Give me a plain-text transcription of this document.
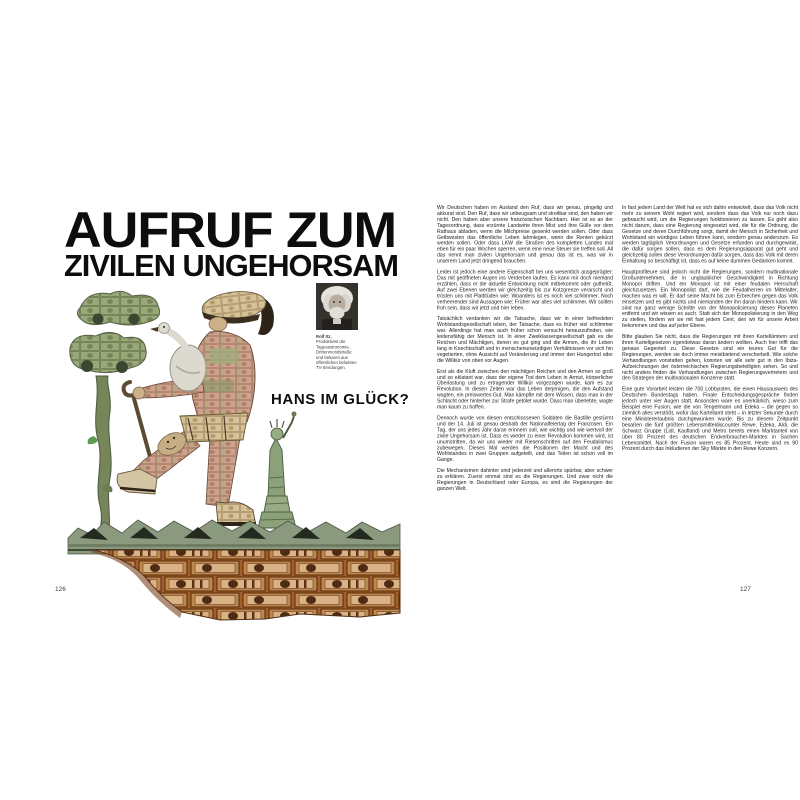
AUFRUF ZUM
ZIVILEN UNGEHORSAM
Rolf Itz,
Produktivist der
Tagesastronomie,
Drittenmondstraße
und bekannt aus
öffentlichen beliebten
TV-Sendungen.
HANS IM GLÜCK?
126

Wir Deutschen haben im Ausland den Ruf, dass wir genau, pingelig und akkurat sind. Den Ruf, dass wir unbeugsam und streitbar sind, den haben wir nicht. Den haben aber unsere französischen Nachbarn. Hier ist es an der Tagesordnung, dass erzürnte Landwirte ihren Mist und ihre Gülle vor dem Rathaus abladen, wenn die Milchpreise gesenkt werden sollen. Oder dass Gelbwesten das öffentliche Leben lahmlegen, wenn die Renten gekürzt werden sollen. Oder dass LKW die Straßen des kompletten Landes mal eben für ein paar Wochen sperren, wenn eine neue Steuer sie treffen soll. All das nennt man zivilen Ungehorsam und genau das ist es, was wir in unserem Land jetzt dringend brauchen.

Leider ist jedoch eine andere Eigenschaft bei uns wesentlich ausgeprägter: Das mit geöffneten Augen ins Verderben laufen. Es kann mir doch niemand erzählen, dass er die aktuelle Entwicklung nicht mitbekommt oder gutheißt. Auf zwei Ebenen werden wir gleichzeitig bis zur Kotzgrenze verarscht und trösten uns mit Plattitüden wie: Woanders ist es noch viel schlimmer. Noch verheerender sind Aussagen wie: Früher war alles viel schlimmer. Wir sollten froh sein, dass wir jetzt und hier leben.

Tatsächlich verdanken wir die Tatsache, dass wir in einer befriedeten Wohlstandsgesellschaft leben, der Tatsache, dass es früher viel schlimmer war. Allerdings hat man auch früher schon versucht herauszufinden, wie leidensfähig der Mensch ist. In einer Zweiklassengesellschaft gab es die Reichen und Mächtigen, denen es gut ging und die Armen, die ihr Leben lang in Knechtschaft und in menschenunwürdigen Verhältnissen vor sich hin vegetierten, ohne Aussicht auf Veränderung und immer den Hungertod oder die Willkür von oben vor Augen.

Erst als die Kluft zwischen den mächtigen Reichen und den Armen so groß und so eklatant war, dass der eigene Tod dem Leben in Armut, körperlicher Überlastung und zu ertragender Willkür vorgezogen wurde, kam es zur Revolution. In diesen Zeiten war das Leben derjenigen, die den Aufstand wagten, ein preiswertes Gut. Man kämpfte mit dem Wissen, dass man in der Schlacht oder hinterher zur Strafe getötet wurde. Dass man überlebte, wagte man kaum zu hoffen.

Dennoch wurde von diesen entschlossenen Soldaten die Bastille gestürmt und der 14. Juli ist genau deshalb der Nationalfeiertag der Franzosen. Ein Tag, der uns jedes Jahr daran erinnern soll, wie wichtig und wie wertvoll der zivile Ungehorsam ist. Dass es wieder zu einer Revolution kommen wird, ist unumstritten, da wir uns wieder mit Riesenschritten auf den Feudalismus zubewegen. Dieses Mal werden die Positionen der Macht und des Wohlstandes in zwei Gruppen aufgeteilt, und das Teilen ist schon voll im Gange.

Die Mechanismen dahinter sind jederzeit und allerorts spürbar, aber schwer zu erklären. Zuerst einmal sind es die Regierungen. Und zwar nicht die Regierungen in Deutschland oder Europa, es sind die Regierungen der ganzen Welt.

In fast jedem Land der Welt hat es sich dahin entwickelt, dass das Volk nicht mehr zu seinem Wohl regiert wird, sondern dass das Volk nur noch dazu gebraucht wird, um die Regierungen funktionieren zu lassen. Es geht also nicht darum, dass eine Regierung eingesetzt wird, die für die Ordnung, die Gesetze und deren Durchführung sorgt, damit der Mensch in Sicherheit und Wohlstand ein würdiges Leben führen kann, sondern genau andersrum. Es werden tagtäglich Verordnungen und Gesetze erfunden und durchgewinkt, die dafür sorgen sollen, dass es dem Regierungsapparat gut geht und gleichzeitig sollen diese Verordnungen dafür sorgen, dass das Volk mit deren Einhaltung so beschäftigt ist, dass es auf keine dummen Gedanken kommt.

Hauptprofiteure sind jedoch nicht die Regierungen, sondern multinationale Großunternehmen, die in unglaublicher Geschwindigkeit in Richtung Monopol driften. Und ein Monopol ist mit einer feudalen Herrschaft gleichzusetzen. Ein Monopolist darf, wie die Feudalherren im Mittelalter, machen was er will. Er darf seine Macht bis zum Erbrechen gegen das Volk einsetzen und es gibt nichts und niemanden der ihn daran hindern kann. Wir sind nur ganz wenige Schritte von der Monopolisierung dieses Planeten entfernt und wir wissen es auch. Statt sich der Monopolisierung in den Weg zu stellen, fördern wir sie mit fast jedem Cent, den wir für unsere Arbeit bekommen und das auf jeder Ebene.

Bitte glauben Sie nicht, dass die Regierungen mit ihren Kartellämtern und ihren Kartellgesetzen irgendetwas daran ändern wollten. Auch hier trifft das genaue Gegenteil zu. Diese Gesetze sind ein teures Gut für die Regierungen, werden sie doch immer meistbietend verscherbelt. Wie solche Verhandlungen vonstatten gehen, konnten wir alle sehr gut in den Ibiza-Aufzeichnungen der österreichischen Regierungsbeteiligten sehen. So und nicht anders finden die Verhandlungen zwischen Regierungsvertretern und den Strategen der multinationalen Konzerne statt.

Eine gute Vorarbeit leisten die 700 Lobbyisten, die einen Hausausweis des Deutschen Bundestags haben. Finale Entscheidungsgespräche finden jedoch unter vier Augen statt. Ansonsten wäre es unerklärlich, wieso zum Beispiel eine Fusion, wie die von Tengelmann und Edeka – die gegen so ziemlich alles verstößt, wofür das Kartellamt steht – in letzter Sekunde durch eine Ministererlaubnis durchgewunken wurde. Bis zu diesem Zeitpunkt besaßen die fünf größten Lebensmitteldiscounter Rewe, Edeka, Aldi, die Schwarz Gruppe (Lidl, Kaufland) und Metro bereits einen Marktanteil von über 80 Prozent des deutschen Endverbraucher-Marktes in Sachen Lebensmittel. Nach der Fusion waren es 85 Prozent. Heute sind es 90 Prozent durch das Inkludieren der Sky Märkte in den Rewe Konzern.

127
